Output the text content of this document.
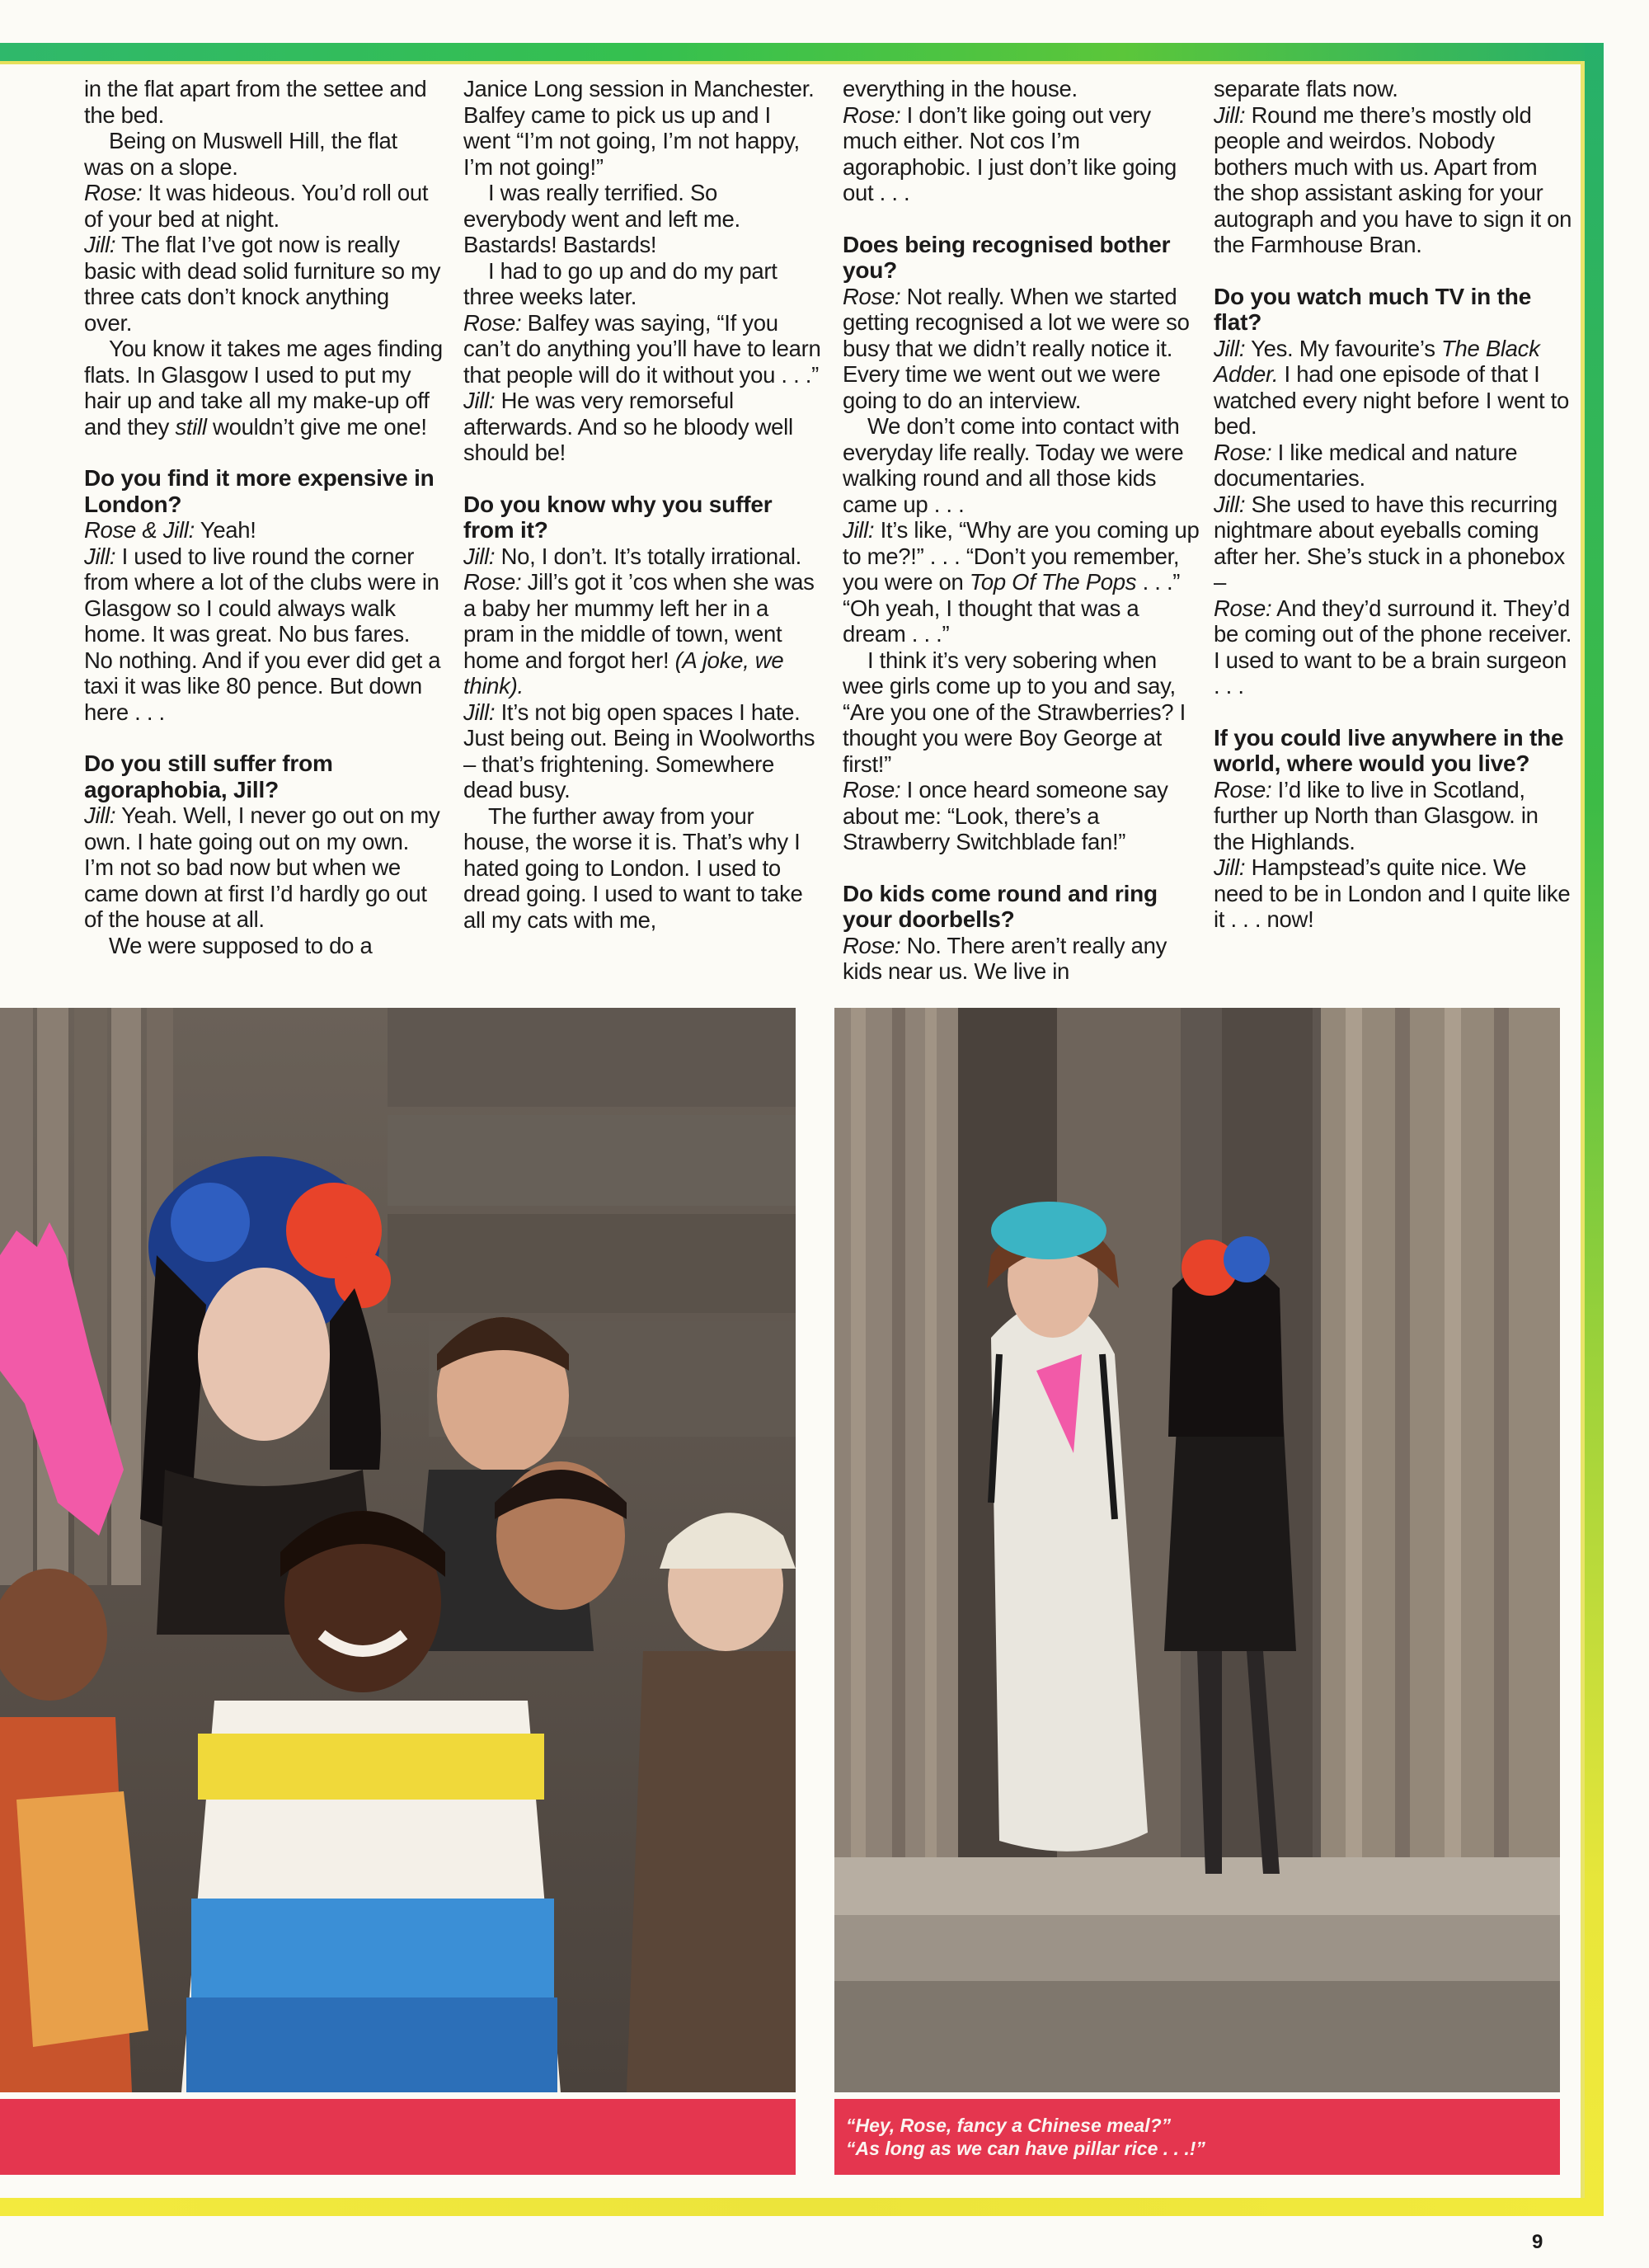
in the flat apart from the settee and the bed.

Being on Muswell Hill, the flat was on a slope.

Rose: It was hideous. You’d roll out of your bed at night.

Jill: The flat I’ve got now is really basic with dead solid furniture so my three cats don’t knock anything over.

You know it takes me ages finding flats. In Glasgow I used to put my hair up and take all my make-up off and they still wouldn’t give me one!

Do you find it more expensive in London?

Rose & Jill: Yeah!

Jill: I used to live round the corner from where a lot of the clubs were in Glasgow so I could always walk home. It was great. No bus fares. No nothing. And if you ever did get a taxi it was like 80 pence. But down here . . .

Do you still suffer from agoraphobia, Jill?

Jill: Yeah. Well, I never go out on my own. I hate going out on my own. I’m not so bad now but when we came down at first I’d hardly go out of the house at all.

We were supposed to do a

Janice Long session in Manchester. Balfey came to pick us up and I went “I’m not going, I’m not happy, I’m not going!”

I was really terrified. So everybody went and left me. Bastards! Bastards!

I had to go up and do my part three weeks later.

Rose: Balfey was saying, “If you can’t do anything you’ll have to learn that people will do it without you . . .”

Jill: He was very remorseful afterwards. And so he bloody well should be!

Do you know why you suffer from it?

Jill: No, I don’t. It’s totally irrational.

Rose: Jill’s got it ’cos when she was a baby her mummy left her in a pram in the middle of town, went home and forgot her! (A joke, we think).

Jill: It’s not big open spaces I hate. Just being out. Being in Woolworths – that’s frightening. Somewhere dead busy.

The further away from your house, the worse it is. That’s why I hated going to London. I used to dread going. I used to want to take all my cats with me,

everything in the house.

Rose: I don’t like going out very much either. Not cos I’m agoraphobic. I just don’t like going out . . .

Does being recognised bother you?

Rose: Not really. When we started getting recognised a lot we were so busy that we didn’t really notice it. Every time we went out we were going to do an interview.

We don’t come into contact with everyday life really. Today we were walking round and all those kids came up . . .

Jill: It’s like, “Why are you coming up to me?!” . . . “Don’t you remember, you were on Top Of The Pops . . .” “Oh yeah, I thought that was a dream . . .”

I think it’s very sobering when wee girls come up to you and say, “Are you one of the Strawberries? I thought you were Boy George at first!”

Rose: I once heard someone say about me: “Look, there’s a Strawberry Switchblade fan!”

Do kids come round and ring your doorbells?

Rose: No. There aren’t really any kids near us. We live in

separate flats now.

Jill: Round me there’s mostly old people and weirdos. Nobody bothers much with us. Apart from the shop assistant asking for your autograph and you have to sign it on the Farmhouse Bran.

Do you watch much TV in the flat?

Jill: Yes. My favourite’s The Black Adder. I had one episode of that I watched every night before I went to bed.

Rose: I like medical and nature documentaries.

Jill: She used to have this recurring nightmare about eyeballs coming after her. She’s stuck in a phonebox –

Rose: And they’d surround it. They’d be coming out of the phone receiver. I used to want to be a brain surgeon . . .

If you could live anywhere in the world, where would you live?

Rose: I’d like to live in Scotland, further up North than Glasgow. in the Highlands.

Jill: Hampstead’s quite nice. We need to be in London and I quite like it . . . now!

“Hey, Rose, fancy a Chinese meal?”
“As long as we can have pillar rice . . .!”
9
